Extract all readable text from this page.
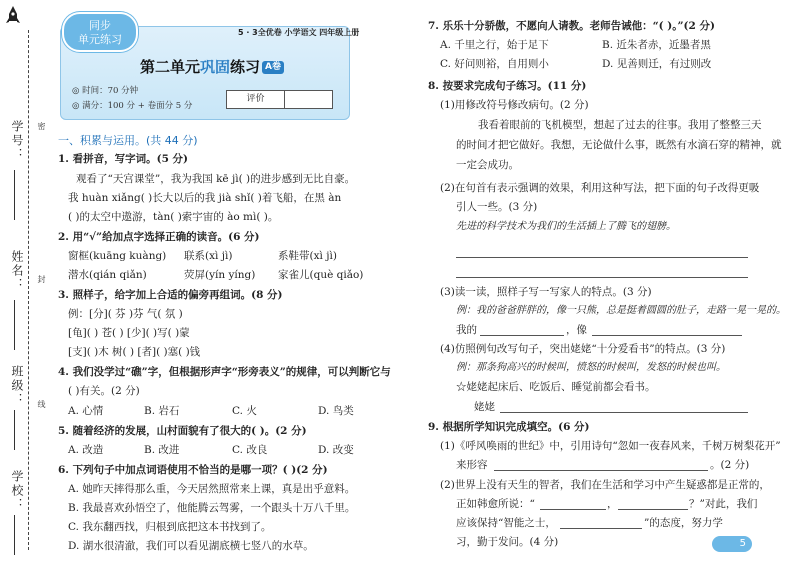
学号：
姓名：
班级：
学校：
密
封
线
同步
单元练习
5 · 3全优卷 小学语文 四年级上册
第二单元巩固练习 A卷
◎ 时间：70 分钟
◎ 满分：100 分 + 卷面分 5 分
评价	
一、积累与运用。(共 44 分)
1. 看拼音，写字词。(5 分)
观看了“天宫课堂”，我为我国 kē jì( )的进步感到无比自豪。
我 huàn xiǎng( )长大以后的我 jià shǐ( )着飞船，在黑 àn
( )的太空中遨游，tàn( )索宇宙的 ào mì( )。
2. 用“√”给加点字选择正确的读音。(6 分)
窗框(kuāng kuàng) 联系(xì jì)	系鞋带(xì jì)
潜水(qián qiǎn)	荧屏(yín yíng) 家雀儿(què qiǎo)
3. 照样子，给字加上合适的偏旁再组词。(8 分)
例：[分]( 芬 )芬 气( 氛 )
[龟]( ) 苍( ) [少]( )写( )蒙
[支]( )木 树( ) [者]( )塞( )钱
4. 我们没学过“礁”字，但根据形声字“形旁表义”的规律，可以判断它与
( )有关。(2 分)
A. 心情	B. 岩石	C. 火	D. 鸟类
5. 随着经济的发展，山村面貌有了很大的( )。(2 分)
A. 改造	B. 改进	C. 改良	D. 改变
6. 下列句子中加点词语使用不恰当的是哪一项？( )(2 分)
A. 她昨天摔得那么重，今天居然照常来上课，真是出乎意料。
B. 我最喜欢孙悟空了，他能腾云驾雾，一个跟头十万八千里。
C. 我东翻西找，归根到底把这本书找到了。
D. 湖水很清澈，我们可以看见湖底横七竖八的水草。
7. 乐乐十分骄傲，不愿向人请教。老师告诫他：“( )。”(2 分)
A. 千里之行，始于足下	B. 近朱者赤，近墨者黑
C. 好问则裕，自用则小	D. 见善则迁，有过则改
8. 按要求完成句子练习。(11 分)
(1)用修改符号修改病句。(2 分)
我看着眼前的飞机模型，想起了过去的往事。我用了整整三天
的时间才把它做好。我想，无论做什么事，既然有水滴石穿的精神，就
一定会成功。
(2)在句首有表示强调的效果，利用这种写法，把下面的句子改得更吸
引人一些。(3 分)
先进的科学技术为我们的生活插上了腾飞的翅膀。
(3)读一读，照样子写一写家人的特点。(3 分)
例：我的爸爸胖胖的，像一只熊，总是挺着圆圆的肚子，走路一晃一晃的。
我的	，像
(4)仿照例句改写句子，突出姥姥“十分爱看书”的特点。(3 分)
例：那条狗高兴的时候叫，愤怒的时候叫，发怒的时候也叫。
☆姥姥起床后、吃饭后、睡觉前都会看书。
姥姥
9. 根据所学知识完成填空。(6 分)
(1)《呼风唤雨的世纪》中，引用诗句“忽如一夜春风来，千树万树梨花开”
来形容	。(2 分)
(2)世界上没有天生的智者，我们在生活和学习中产生疑惑都是正常的，
正如韩愈所说：“	，	？”对此，我们
应该保持“智能之士，	”的态度，努力学
习，勤于发问。(4 分)	5
